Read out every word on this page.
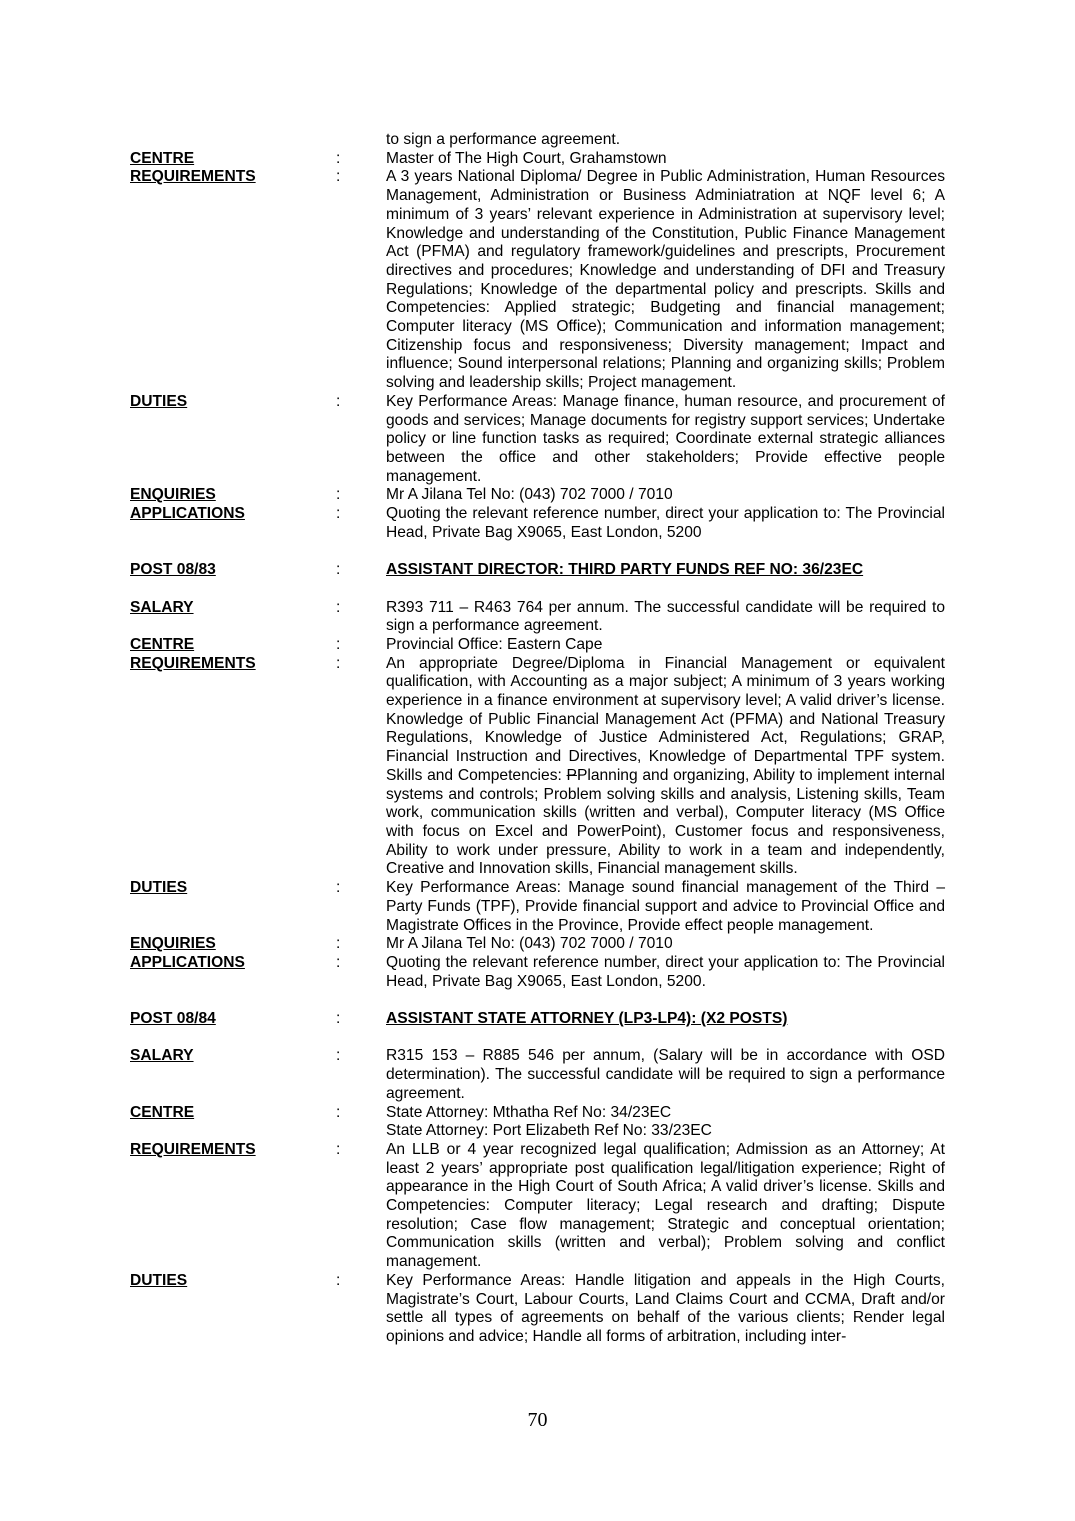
to sign a performance agreement.
CENTRE	:	Master of The High Court, Grahamstown
REQUIREMENTS	:	A 3 years National Diploma/ Degree in Public Administration, Human Resources Management, Administration or Business Adminiatration at NQF level 6; A minimum of 3 years’ relevant experience in Administration at supervisory level; Knowledge and understanding of the Constitution, Public Finance Management Act (PFMA) and regulatory framework/guidelines and prescripts, Procurement directives and procedures; Knowledge and understanding of DFI and Treasury Regulations; Knowledge of the departmental policy and prescripts. Skills and Competencies: Applied strategic; Budgeting and financial management; Computer literacy (MS Office); Communication and information management; Citizenship focus and responsiveness; Diversity management; Impact and influence; Sound interpersonal relations; Planning and organizing skills; Problem solving and leadership skills; Project management.
DUTIES	:	Key Performance Areas: Manage finance, human resource, and procurement of goods and services; Manage documents for registry support services; Undertake policy or line function tasks as required; Coordinate external strategic alliances between the office and other stakeholders; Provide effective people management.
ENQUIRIES	:	Mr A Jilana Tel No: (043) 702 7000 / 7010
APPLICATIONS	:	Quoting the relevant reference number, direct your application to: The Provincial Head, Private Bag X9065, East London, 5200
POST 08/83	:	ASSISTANT DIRECTOR: THIRD PARTY FUNDS REF NO: 36/23EC
SALARY	:	R393 711 – R463 764 per annum. The successful candidate will be required to sign a performance agreement.
CENTRE	:	Provincial Office: Eastern Cape
REQUIREMENTS	:	An appropriate Degree/Diploma in Financial Management or equivalent qualification, with Accounting as a major subject; A minimum of 3 years working experience in a finance environment at supervisory level; A valid driver’s license. Knowledge of Public Financial Management Act (PFMA) and National Treasury Regulations, Knowledge of Justice Administered Act, Regulations; GRAP, Financial Instruction and Directives, Knowledge of Departmental TPF system. Skills and Competencies: PPlanning and organizing, Ability to implement internal systems and controls; Problem solving skills and analysis, Listening skills, Team work, communication skills (written and verbal), Computer literacy (MS Office with focus on Excel and PowerPoint), Customer focus and responsiveness, Ability to work under pressure, Ability to work in a team and independently, Creative and Innovation skills, Financial management skills.
DUTIES	:	Key Performance Areas: Manage sound financial management of the Third – Party Funds (TPF), Provide financial support and advice to Provincial Office and Magistrate Offices in the Province, Provide effect people management.
ENQUIRIES	:	Mr A Jilana Tel No: (043) 702 7000 / 7010
APPLICATIONS	:	Quoting the relevant reference number, direct your application to: The Provincial Head, Private Bag X9065, East London, 5200.
POST 08/84	:	ASSISTANT STATE ATTORNEY (LP3-LP4): (X2 POSTS)
SALARY	:	R315 153 – R885 546 per annum, (Salary will be in accordance with OSD determination). The successful candidate will be required to sign a performance agreement.
CENTRE	:	State Attorney: Mthatha Ref No: 34/23EC
State Attorney: Port Elizabeth Ref No: 33/23EC
REQUIREMENTS	:	An LLB or 4 year recognized legal qualification; Admission as an Attorney; At least 2 years’ appropriate post qualification legal/litigation experience; Right of appearance in the High Court of South Africa; A valid driver’s license. Skills and Competencies: Computer literacy; Legal research and drafting; Dispute resolution; Case flow management; Strategic and conceptual orientation; Communication skills (written and verbal); Problem solving and conflict management.
DUTIES	:	Key Performance Areas: Handle litigation and appeals in the High Courts, Magistrate’s Court, Labour Courts, Land Claims Court and CCMA, Draft and/or settle all types of agreements on behalf of the various clients; Render legal opinions and advice; Handle all forms of arbitration, including inter-
70
